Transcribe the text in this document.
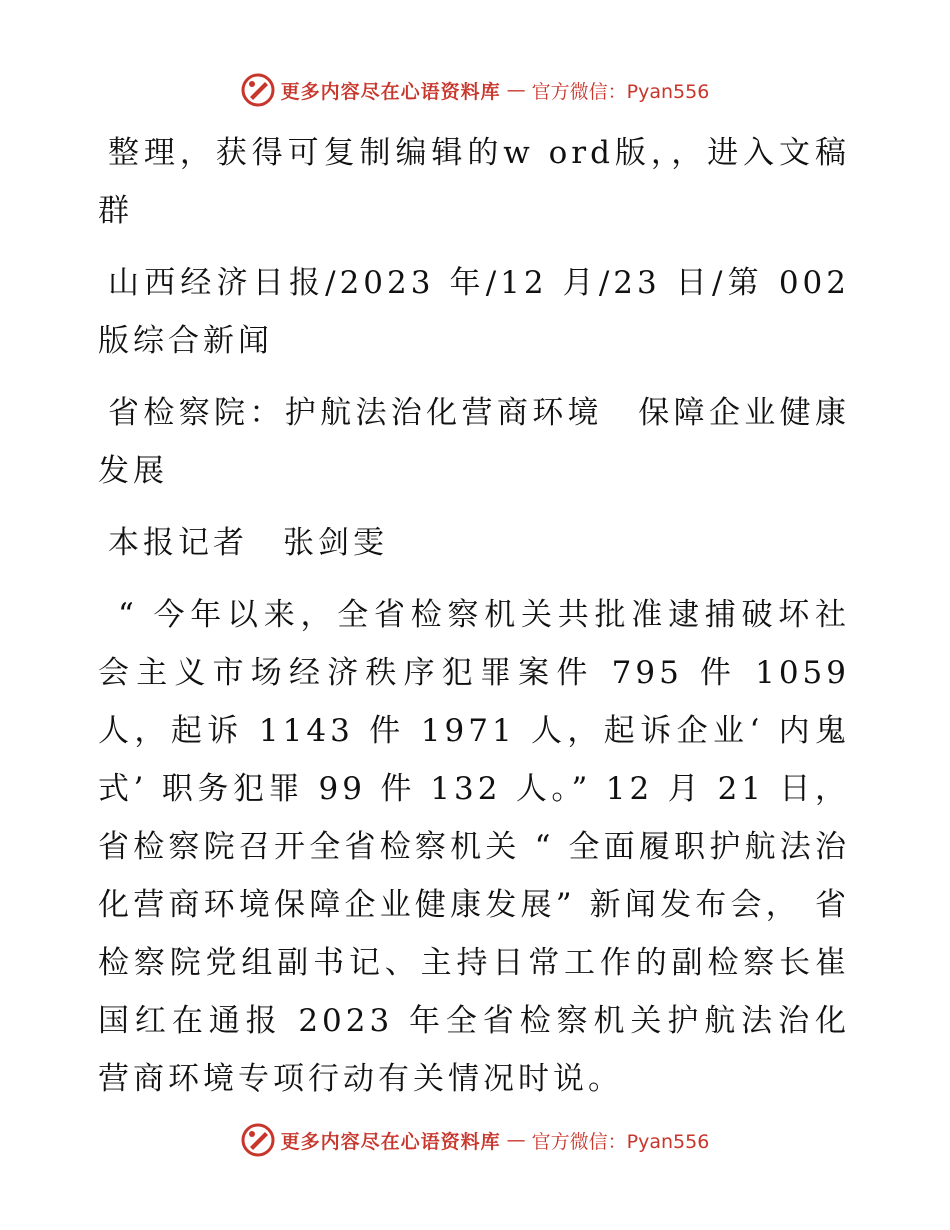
更多内容尽在心语资料库 — 官方微信：Pyan556

整理，获得可复制编辑的w ord版，，进入文稿群

山西经济日报/2023 年/12 月/23 日/第 002 版综合新闻

省检察院：护航法治化营商环境　保障企业健康发展

本报记者　张剑雯

“ 今年以来，全省检察机关共批准逮捕破坏社会主义市场经济秩序犯罪案件 795 件 1059 人，起诉 1143 件 1971 人，起诉企业‘ 内鬼式’ 职务犯罪 99 件 132 人。” 12 月 21 日，省检察院召开全省检察机关 “ 全面履职护航法治化营商环境保障企业健康发展” 新闻发布会， 省检察院党组副书记、主持日常工作的副检察长崔国红在通报 2023 年全省检察机关护航法治化营商环境专项行动有关情况时说。

更多内容尽在心语资料库 — 官方微信：Pyan556
